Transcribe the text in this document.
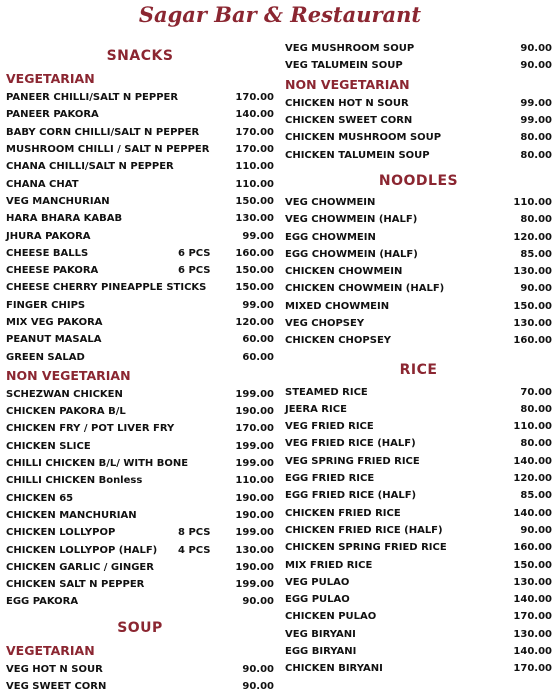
Sagar Bar & Restaurant
SNACKS
VEGETARIAN
PANEER CHILLI/SALT N PEPPER	170.00
PANEER PAKORA	140.00
BABY CORN CHILLI/SALT N PEPPER	170.00
MUSHROOM CHILLI / SALT N PEPPER	170.00
CHANA CHILLI/SALT N PEPPER	110.00
CHANA CHAT	110.00
VEG MANCHURIAN	150.00
HARA BHARA KABAB	130.00
JHURA PAKORA	99.00
CHEESE BALLS	6 PCS	160.00
CHEESE PAKORA	6 PCS	150.00
CHEESE CHERRY PINEAPPLE STICKS	150.00
FINGER CHIPS	99.00
MIX VEG PAKORA	120.00
PEANUT MASALA	60.00
GREEN SALAD	60.00
NON VEGETARIAN
SCHEZWAN CHICKEN	199.00
CHICKEN PAKORA B/L	190.00
CHICKEN FRY / POT LIVER FRY	170.00
CHICKEN SLICE	199.00
CHILLI CHICKEN B/L/ WITH BONE	199.00
CHILLI CHICKEN Bonless	110.00
CHICKEN 65	190.00
CHICKEN MANCHURIAN	190.00
CHICKEN LOLLYPOP	8 PCS	199.00
CHICKEN LOLLYPOP (HALF)	4 PCS	130.00
CHICKEN GARLIC / GINGER	190.00
CHICKEN SALT N PEPPER	199.00
EGG PAKORA	90.00
SOUP
VEGETARIAN
VEG HOT N SOUR	90.00
VEG SWEET CORN	90.00
VEG MUSHROOM SOUP	90.00
VEG TALUMEIN SOUP	90.00
NON VEGETARIAN
CHICKEN HOT N SOUR	99.00
CHICKEN SWEET CORN	99.00
CHICKEN MUSHROOM SOUP	80.00
CHICKEN TALUMEIN SOUP	80.00
NOODLES
VEG CHOWMEIN	110.00
VEG CHOWMEIN (HALF)	80.00
EGG CHOWMEIN	120.00
EGG CHOWMEIN (HALF)	85.00
CHICKEN CHOWMEIN	130.00
CHICKEN CHOWMEIN (HALF)	90.00
MIXED CHOWMEIN	150.00
VEG CHOPSEY	130.00
CHICKEN CHOPSEY	160.00
RICE
STEAMED RICE	70.00
JEERA RICE	80.00
VEG FRIED RICE	110.00
VEG FRIED RICE (HALF)	80.00
VEG SPRING FRIED RICE	140.00
EGG FRIED RICE	120.00
EGG FRIED RICE (HALF)	85.00
CHICKEN FRIED RICE	140.00
CHICKEN FRIED RICE (HALF)	90.00
CHICKEN SPRING FRIED RICE	160.00
MIX FRIED RICE	150.00
VEG PULAO	130.00
EGG PULAO	140.00
CHICKEN PULAO	170.00
VEG BIRYANI	130.00
EGG BIRYANI	140.00
CHICKEN BIRYANI	170.00
